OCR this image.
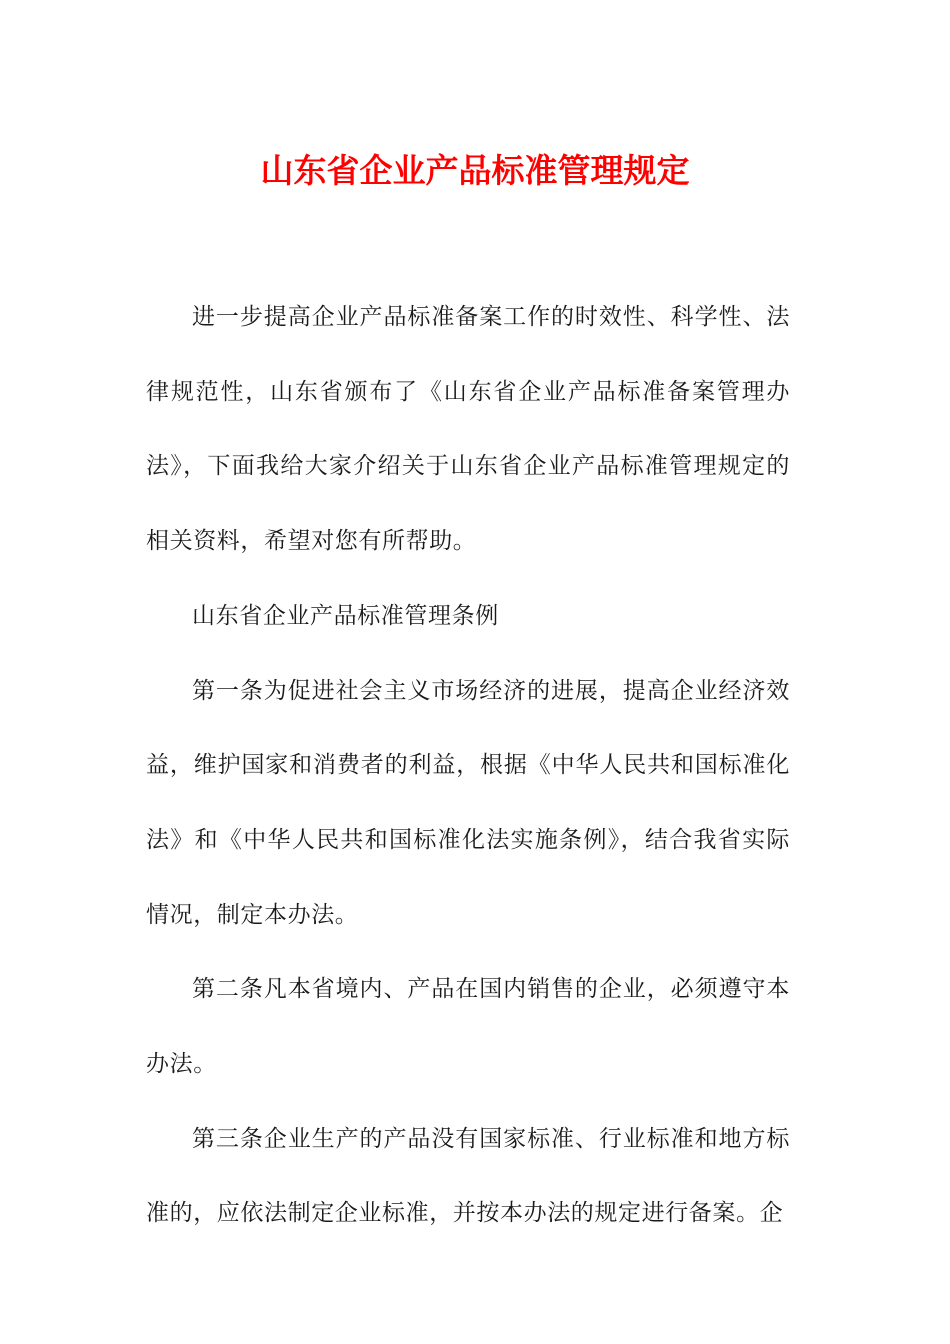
山东省企业产品标准管理规定

进一步提高企业产品标准备案工作的时效性、科学性、法律规范性，山东省颁布了《山东省企业产品标准备案管理办法》，下面我给大家介绍关于山东省企业产品标准管理规定的相关资料，希望对您有所帮助。

山东省企业产品标准管理条例

第一条为促进社会主义市场经济的进展，提高企业经济效益，维护国家和消费者的利益，根据《中华人民共和国标准化法》和《中华人民共和国标准化法实施条例》，结合我省实际情况，制定本办法。

第二条凡本省境内、产品在国内销售的企业，必须遵守本办法。

第三条企业生产的产品没有国家标准、行业标准和地方标准的，应依法制定企业标准，并按本办法的规定进行备案。企
